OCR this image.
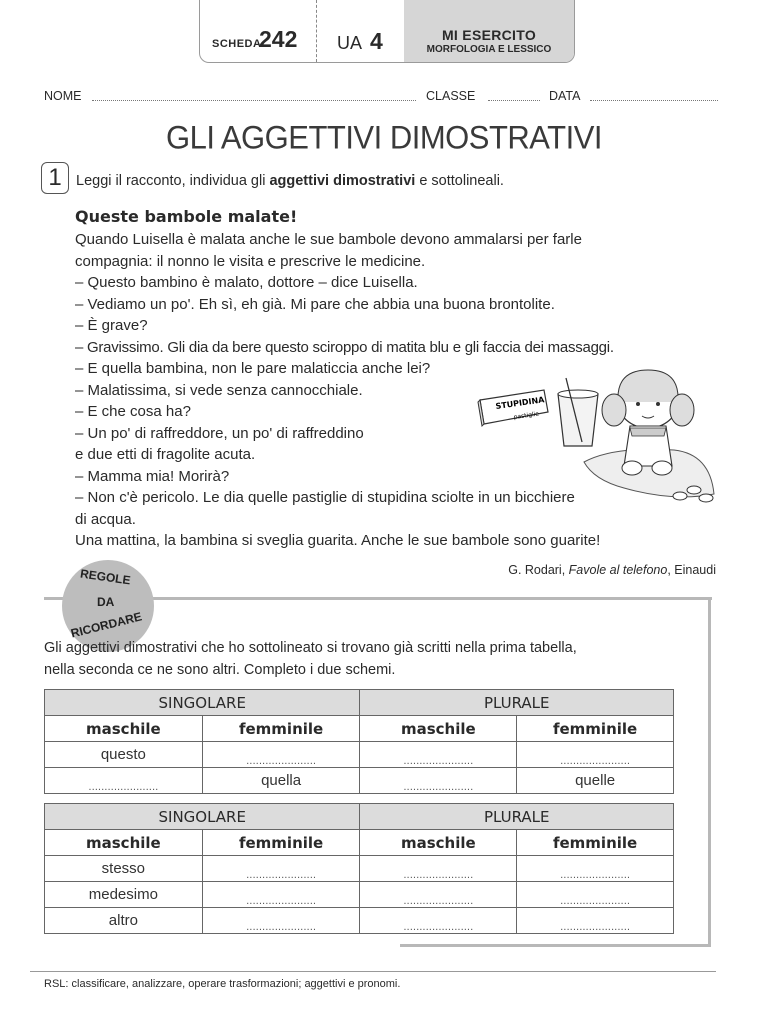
SCHEDA
242 UA 4	MI ESERCITO
MORFOLOGIA E LESSICO
NOME	CLASSE	DATA
GLI AGGETTIVI DIMOSTRATIVI
1 Leggi il racconto, individua gli aggettivi dimostrativi e sottolineali.
Queste bambole malate!
Quando Luisella è malata anche le sue bambole devono ammalarsi per farle
compagnia: il nonno le visita e prescrive le medicine.
– Questo bambino è malato, dottore – dice Luisella.
– Vediamo un po'. Eh sì, eh già. Mi pare che abbia una buona brontolite.
– È grave?
– Gravissimo. Gli dia da bere questo sciroppo di matita blu e gli faccia dei massaggi.
– E quella bambina, non le pare malaticcia anche lei?
– Malatissima, si vede senza cannocchiale.
– E che cosa ha?
– Un po' di raffreddore, un po' di raffreddino
e due etti di fragolite acuta.
– Mamma mia! Morirà?
– Non c'è pericolo. Le dia quelle pastiglie di stupidina sciolte in un bicchiere
di acqua.
Una mattina, la bambina si sveglia guarita. Anche le sue bambole sono guarite!
STUPIDINA
pastiglie
G. Rodari, Favole al telefono, Einaudi
REGOLE
DA
RICORDARE
Gli aggettivi dimostrativi che ho sottolineato si trovano già scritti nella prima tabella,
nella seconda ce ne sono altri. Completo i due schemi.
SINGOLARE		PLURALE	
maschile	femminile	maschile	femminile
questo	......................	......................	......................
......................	quella	......................	quelle
SINGOLARE		PLURALE	
maschile	femminile	maschile	femminile
stesso	......................	......................	......................
medesimo	......................	......................	......................
altro	......................	......................	......................
RSL: classificare, analizzare, operare trasformazioni; aggettivi e pronomi.
